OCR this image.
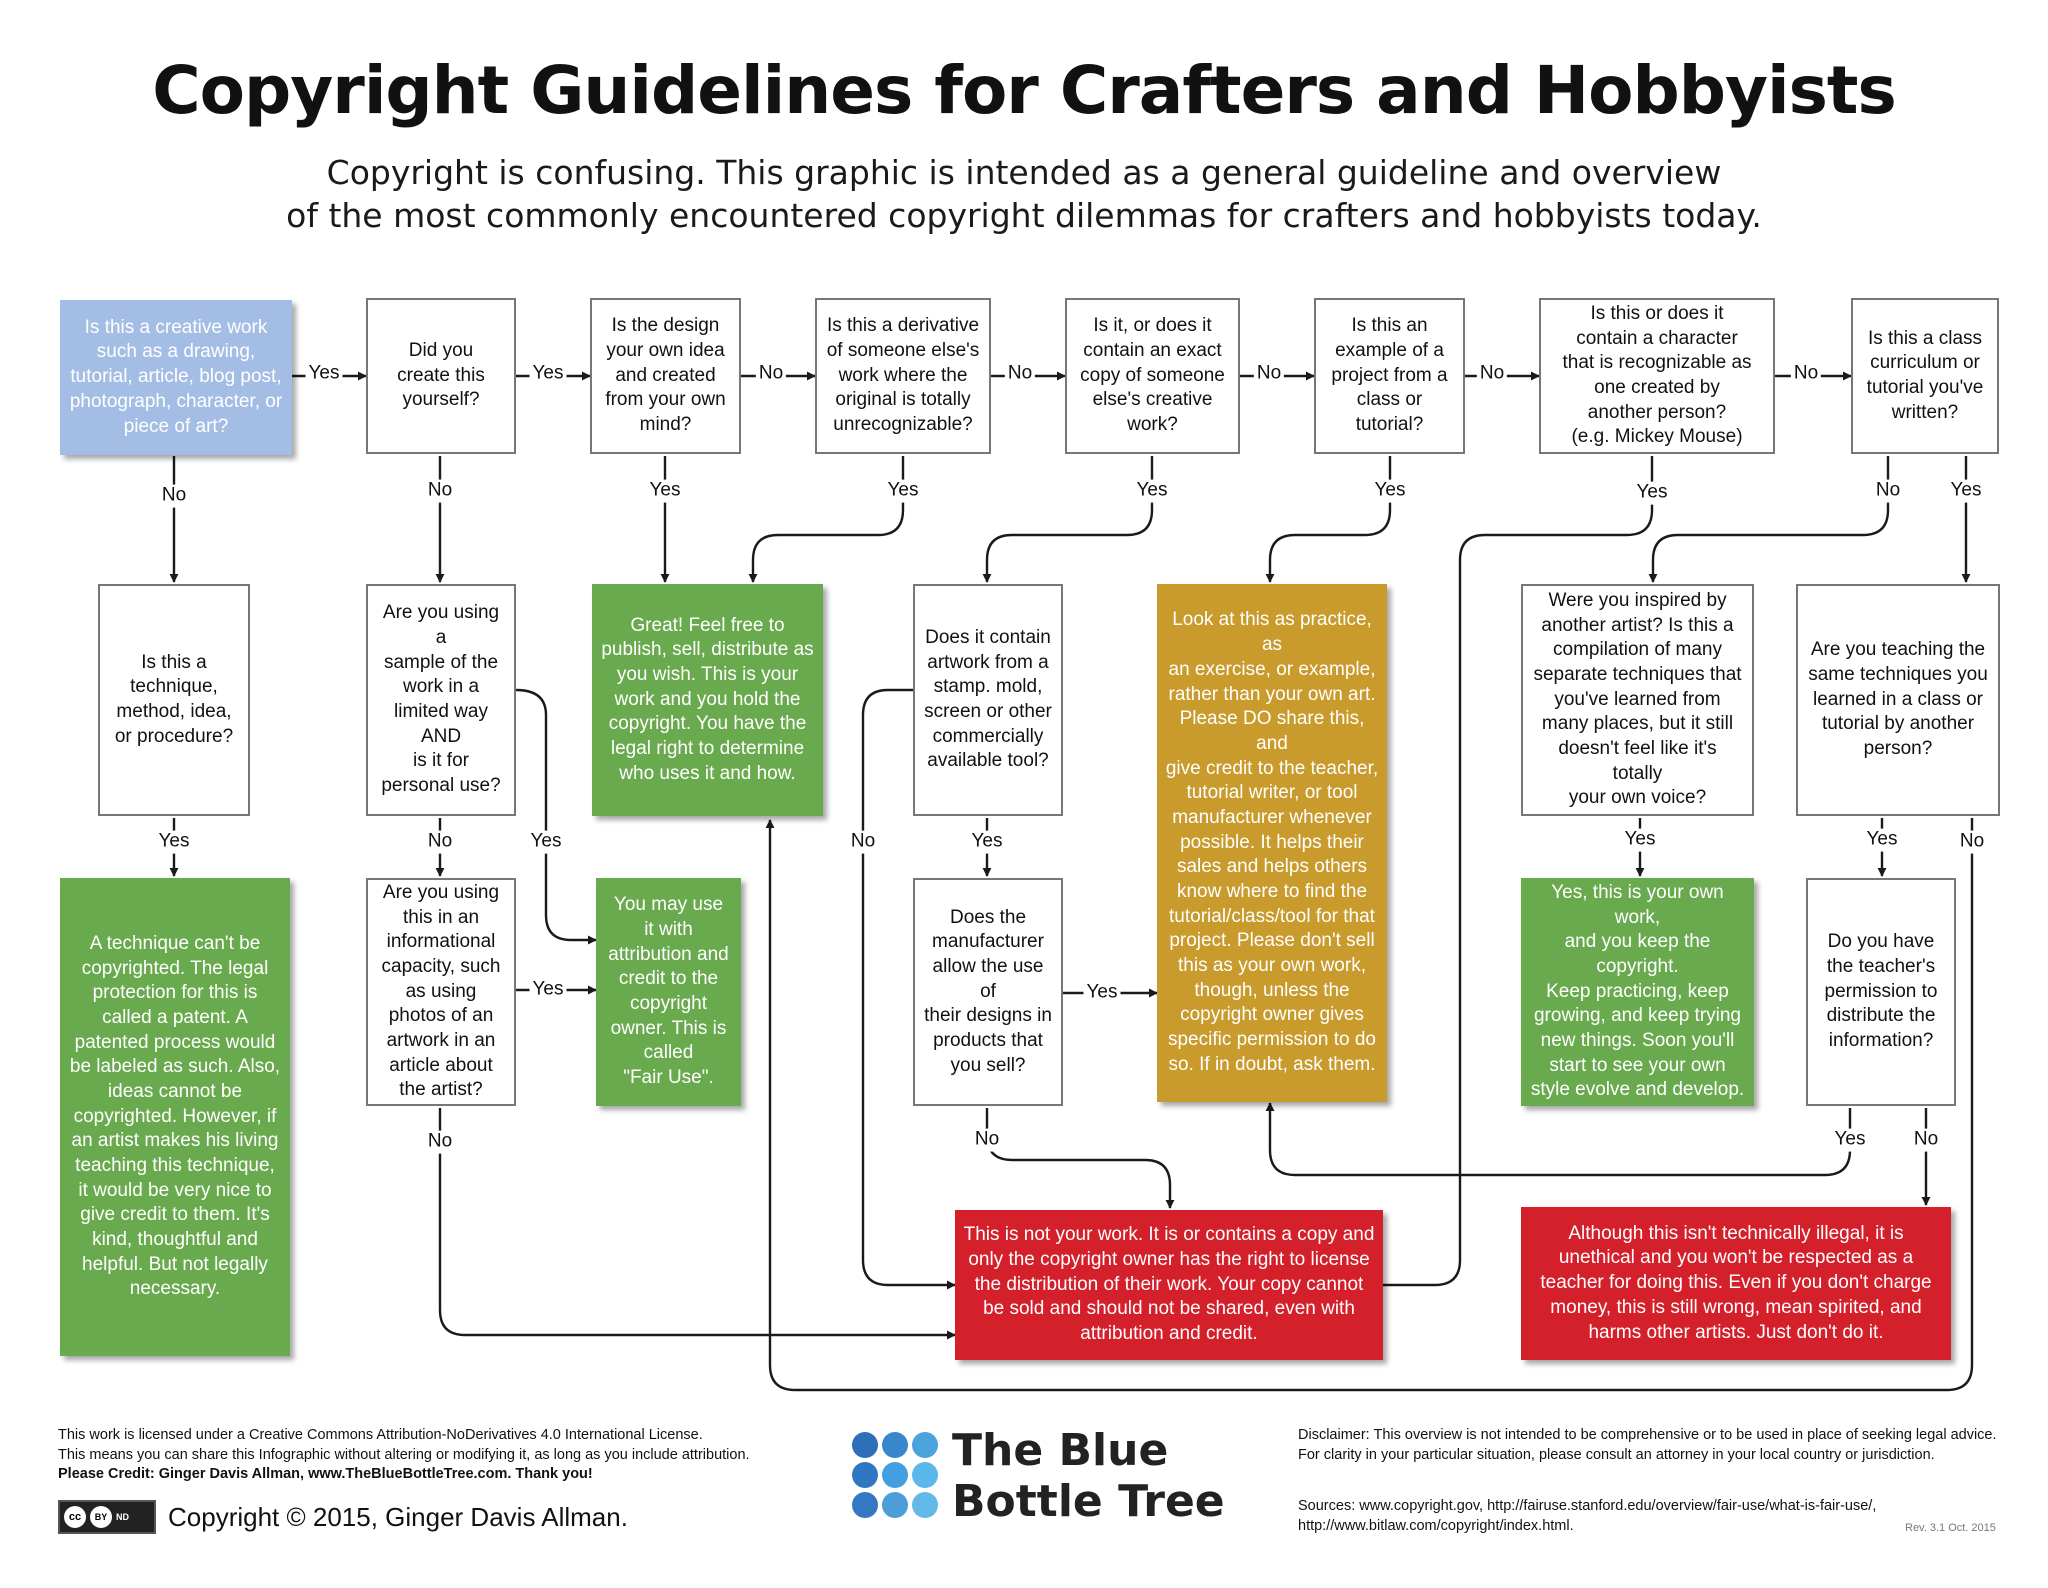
Copyright Guidelines for Crafters and Hobbyists
Copyright is confusing. This graphic is intended as a general guideline and overview
of the most commonly encountered copyright dilemmas for crafters and hobbyists today.
Is this a creative work
such as a drawing,
tutorial, article, blog post,
photograph, character, or
piece of art?
Did you
create this
yourself?
Is the design
your own idea
and created
from your own
mind?
Is this a derivative
of someone else's
work where the
original is totally
unrecognizable?
Is it, or does it
contain an exact
copy of someone
else's creative
work?
Is this an
example of a
project from a
class or
tutorial?
Is this or does it
contain a character
that is recognizable as
one created by
another person?
(e.g. Mickey Mouse)
Is this a class
curriculum or
tutorial you've
written?
Is this a
technique,
method, idea,
or procedure?
Are you using a
sample of the
work in a
limited way
AND
is it for
personal use?
Great! Feel free to
publish, sell, distribute as
you wish. This is your
work and you hold the
copyright. You have the
legal right to determine
who uses it and how.
Does it contain
artwork from a
stamp. mold,
screen or other
commercially
available tool?
Look at this as practice, as
an exercise, or example,
rather than your own art.
Please DO share this, and
give credit to the teacher,
tutorial writer, or tool
manufacturer whenever
possible. It helps their
sales and helps others
know where to find the
tutorial/class/tool for that
project. Please don't sell
this as your own work,
though, unless the
copyright owner gives
specific permission to do
so. If in doubt, ask them.
Were you inspired by
another artist? Is this a
compilation of many
separate techniques that
you've learned from
many places, but it still
doesn't feel like it's totally
your own voice?
Are you teaching the
same techniques you
learned in a class or
tutorial by another
person?
A technique can't be
copyrighted. The legal
protection for this is
called a patent. A
patented process would
be labeled as such. Also,
ideas cannot be
copyrighted. However, if
an artist makes his living
teaching this technique,
it would be very nice to
give credit to them. It's
kind, thoughtful and
helpful. But not legally
necessary.
Are you using
this in an
informational
capacity, such
as using
photos of an
artwork in an
article about
the artist?
You may use
it with
attribution and
credit to the
copyright
owner. This is
called
"Fair Use".
Does the
manufacturer
allow the use of
their designs in
products that
you sell?
Yes, this is your own work,
and you keep the
copyright.
Keep practicing, keep
growing, and keep trying
new things. Soon you'll
start to see your own
style evolve and develop.
Do you have
the teacher's
permission to
distribute the
information?
This is not your work. It is or contains a copy and
only the copyright owner has the right to license
the distribution of their work. Your copy cannot
be sold and should not be shared, even with
attribution and credit.
Although this isn't technically illegal, it is
unethical and you won't be respected as a
teacher for doing this. Even if you don't charge
money, this is still wrong, mean spirited, and
harms other artists. Just don't do it.
Yes	Yes	No	No	No	No	No
No	No	Yes	Yes	Yes	Yes	Yes	No	Yes
Yes	No	Yes	No	Yes	Yes	Yes	No
Yes
No
Yes
No	Yes	No
This work is licensed under a Creative Commons Attribution-NoDerivatives 4.0 International License.
This means you can share this Infographic without altering or modifying it, as long as you include attribution.
Please Credit: Ginger Davis Allman, www.TheBlueBottleTree.com. Thank you!
cc	BY ND Copyright © 2015, Ginger Davis Allman.
The Blue
Bottle Tree
Disclaimer: This overview is not intended to be comprehensive or to be used in place of seeking legal advice. For clarity in your particular situation, please consult an attorney in your local country or jurisdiction.
Sources: www.copyright.gov, http://fairuse.stanford.edu/overview/fair-use/what-is-fair-use/,
http://www.bitlaw.com/copyright/index.html.	Rev. 3.1 Oct. 2015
